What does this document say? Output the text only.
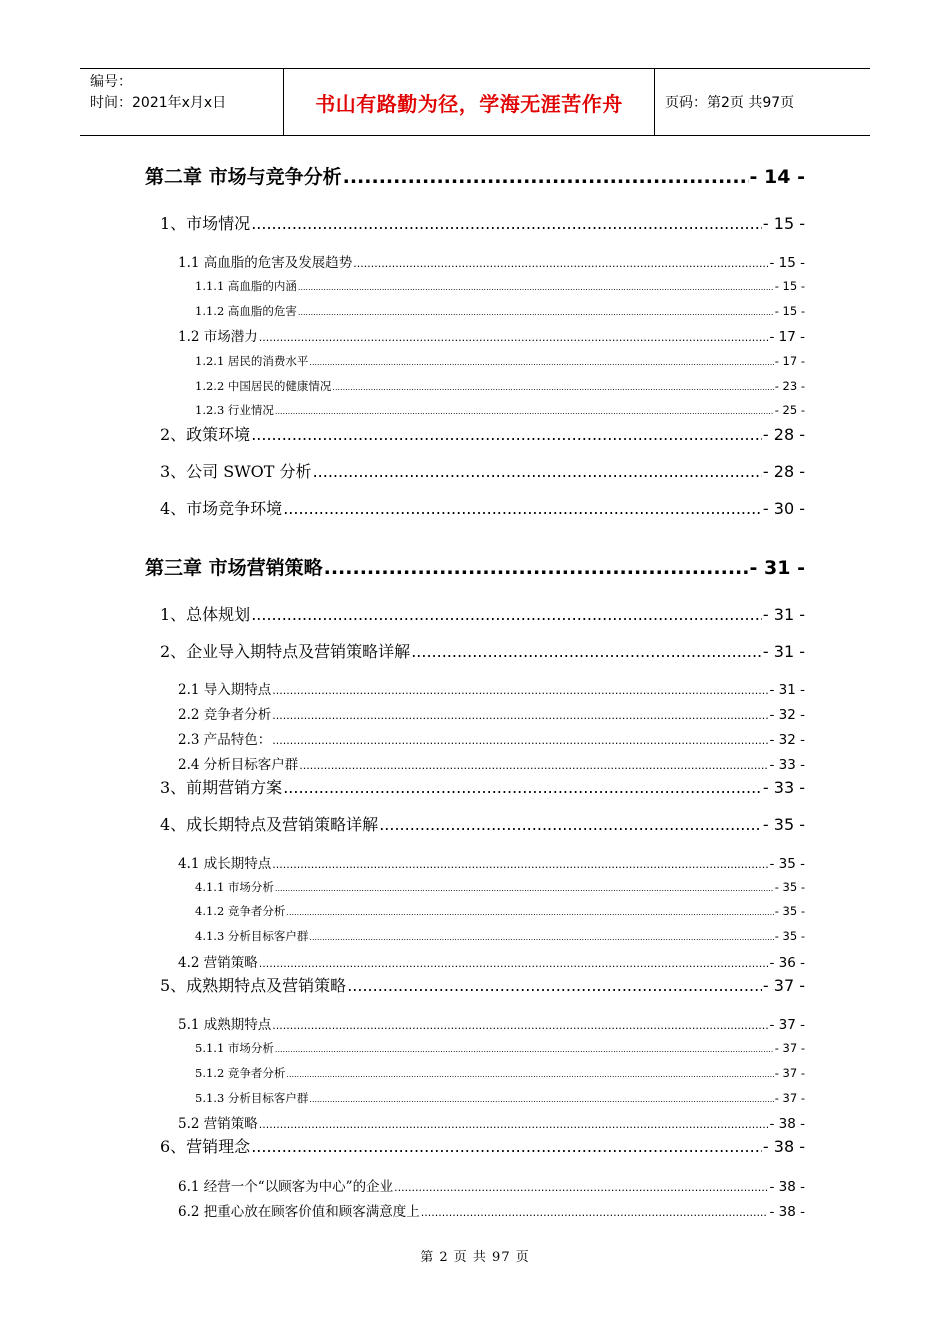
编号：
时间：2021年x月x日	书山有路勤为径，学海无涯苦作舟	页码：第2页 共97页
第二章 市场与竞争分析 .....	- 14 -
1、市场情况 .....	- 15 -
1.1 高血脂的危害及发展趋势 .....	- 15 -
1.1.1 高血脂的内涵 .....	- 15 -
1.1.2 高血脂的危害 .....	- 15 -
1.2 市场潜力 .....	- 17 -
1.2.1 居民的消费水平 .....	- 17 -
1.2.2 中国居民的健康情况 .....	- 23 -
1.2.3 行业情况 .....	- 25 -
2、政策环境 .....	- 28 -
3、公司 SWOT 分析 .....	- 28 -
4、市场竞争环境 .....	- 30 -
第三章 市场营销策略 .....	- 31 -
1、总体规划 .....	- 31 -
2、企业导入期特点及营销策略详解 .....	- 31 -
2.1 导入期特点 .....	- 31 -
2.2 竞争者分析 .....	- 32 -
2.3 产品特色： .....	- 32 -
2.4 分析目标客户群 .....	- 33 -
3、前期营销方案 .....	- 33 -
4、成长期特点及营销策略详解 .....	- 35 -
4.1 成长期特点 .....	- 35 -
4.1.1 市场分析 .....	- 35 -
4.1.2 竞争者分析 .....	- 35 -
4.1.3 分析目标客户群 .....	- 35 -
4.2 营销策略 .....	- 36 -
5、成熟期特点及营销策略 .....	- 37 -
5.1 成熟期特点 .....	- 37 -
5.1.1 市场分析 .....	- 37 -
5.1.2 竞争者分析 .....	- 37 -
5.1.3 分析目标客户群 .....	- 37 -
5.2 营销策略 .....	- 38 -
6、营销理念 .....	- 38 -
6.1 经营一个“以顾客为中心”的企业 .....	- 38 -
6.2 把重心放在顾客价值和顾客满意度上 .....	- 38 -
第 2 页 共 97 页
